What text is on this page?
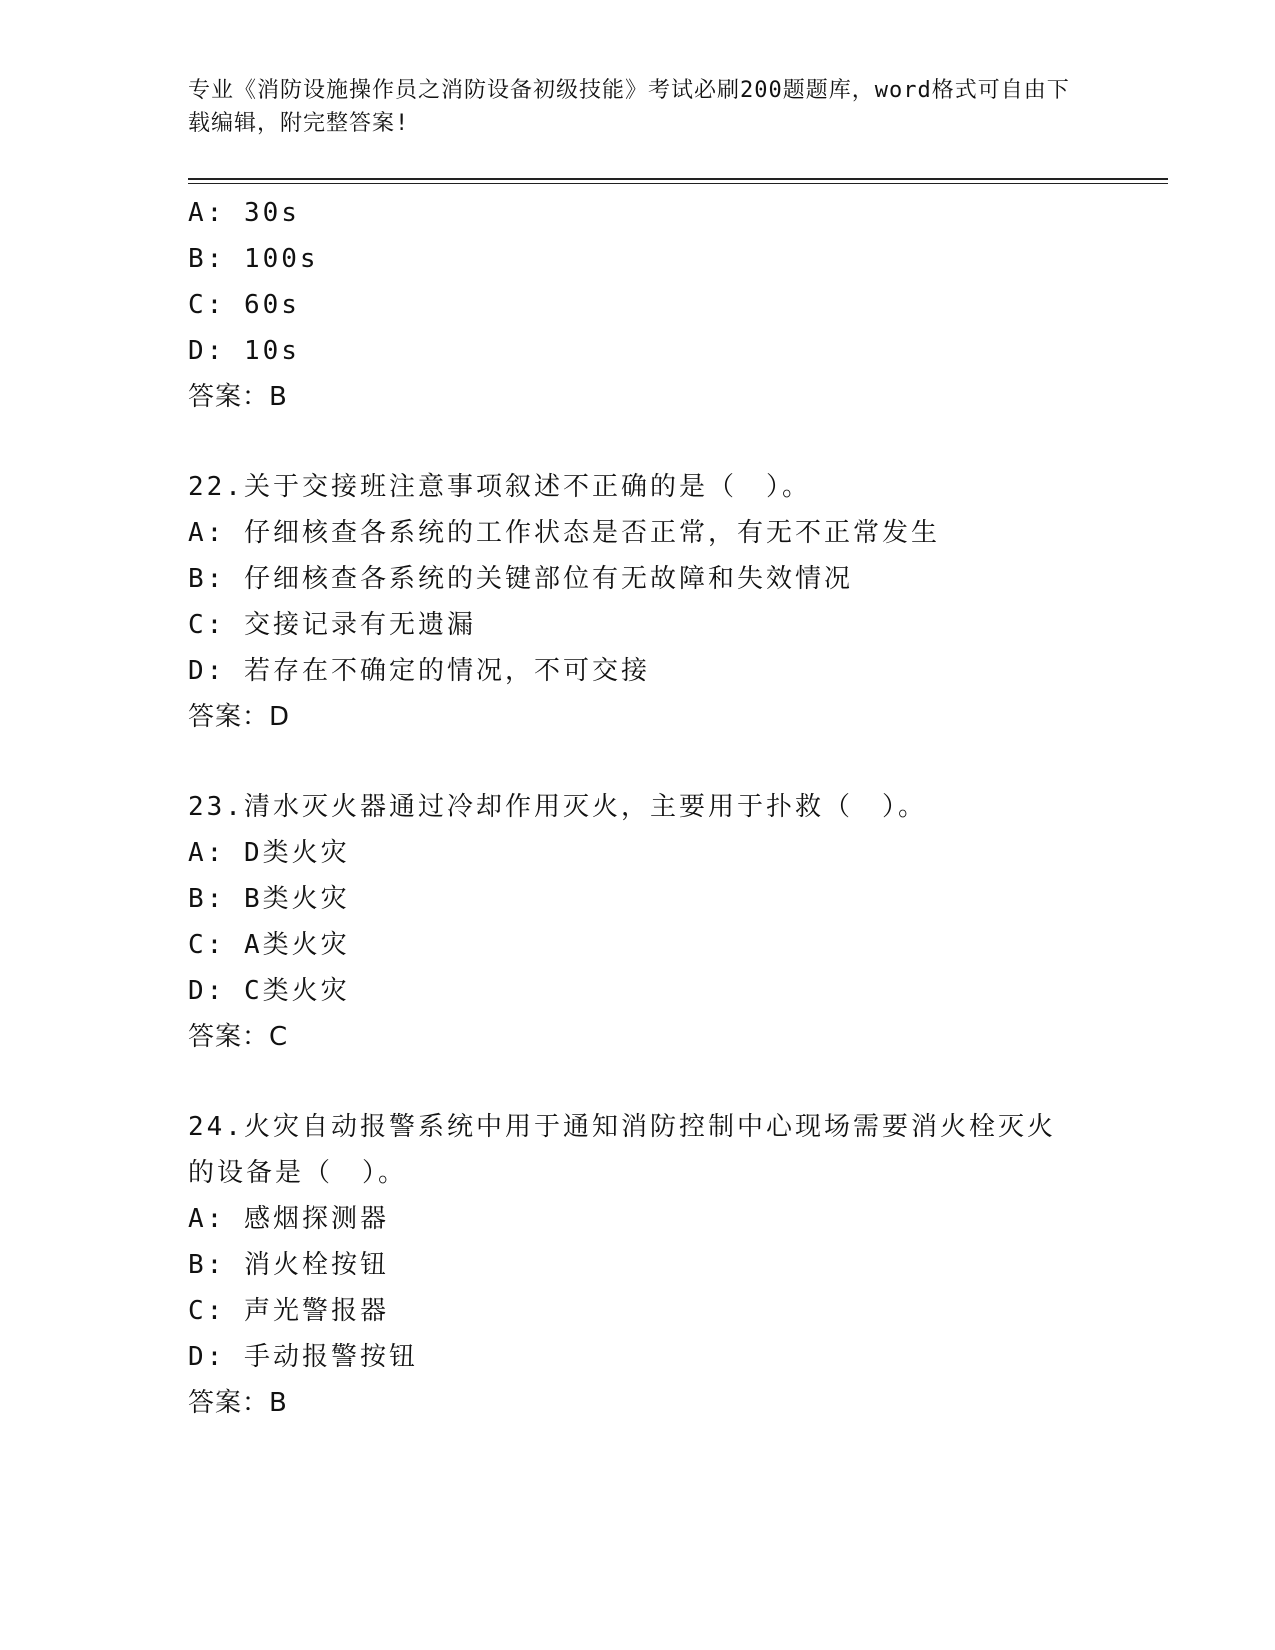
专业《消防设施操作员之消防设备初级技能》考试必刷200题题库，word格式可自由下载编辑，附完整答案!
A: 30s
B: 100s
C: 60s
D: 10s
答案：B
22.关于交接班注意事项叙述不正确的是（　）。
A: 仔细核查各系统的工作状态是否正常，有无不正常发生
B: 仔细核查各系统的关键部位有无故障和失效情况
C: 交接记录有无遗漏
D: 若存在不确定的情况，不可交接
答案：D
23.清水灭火器通过冷却作用灭火，主要用于扑救（　）。
A: D类火灾
B: B类火灾
C: A类火灾
D: C类火灾
答案：C
24.火灾自动报警系统中用于通知消防控制中心现场需要消火栓灭火的设备是（　）。
A: 感烟探测器
B: 消火栓按钮
C: 声光警报器
D: 手动报警按钮
答案：B
